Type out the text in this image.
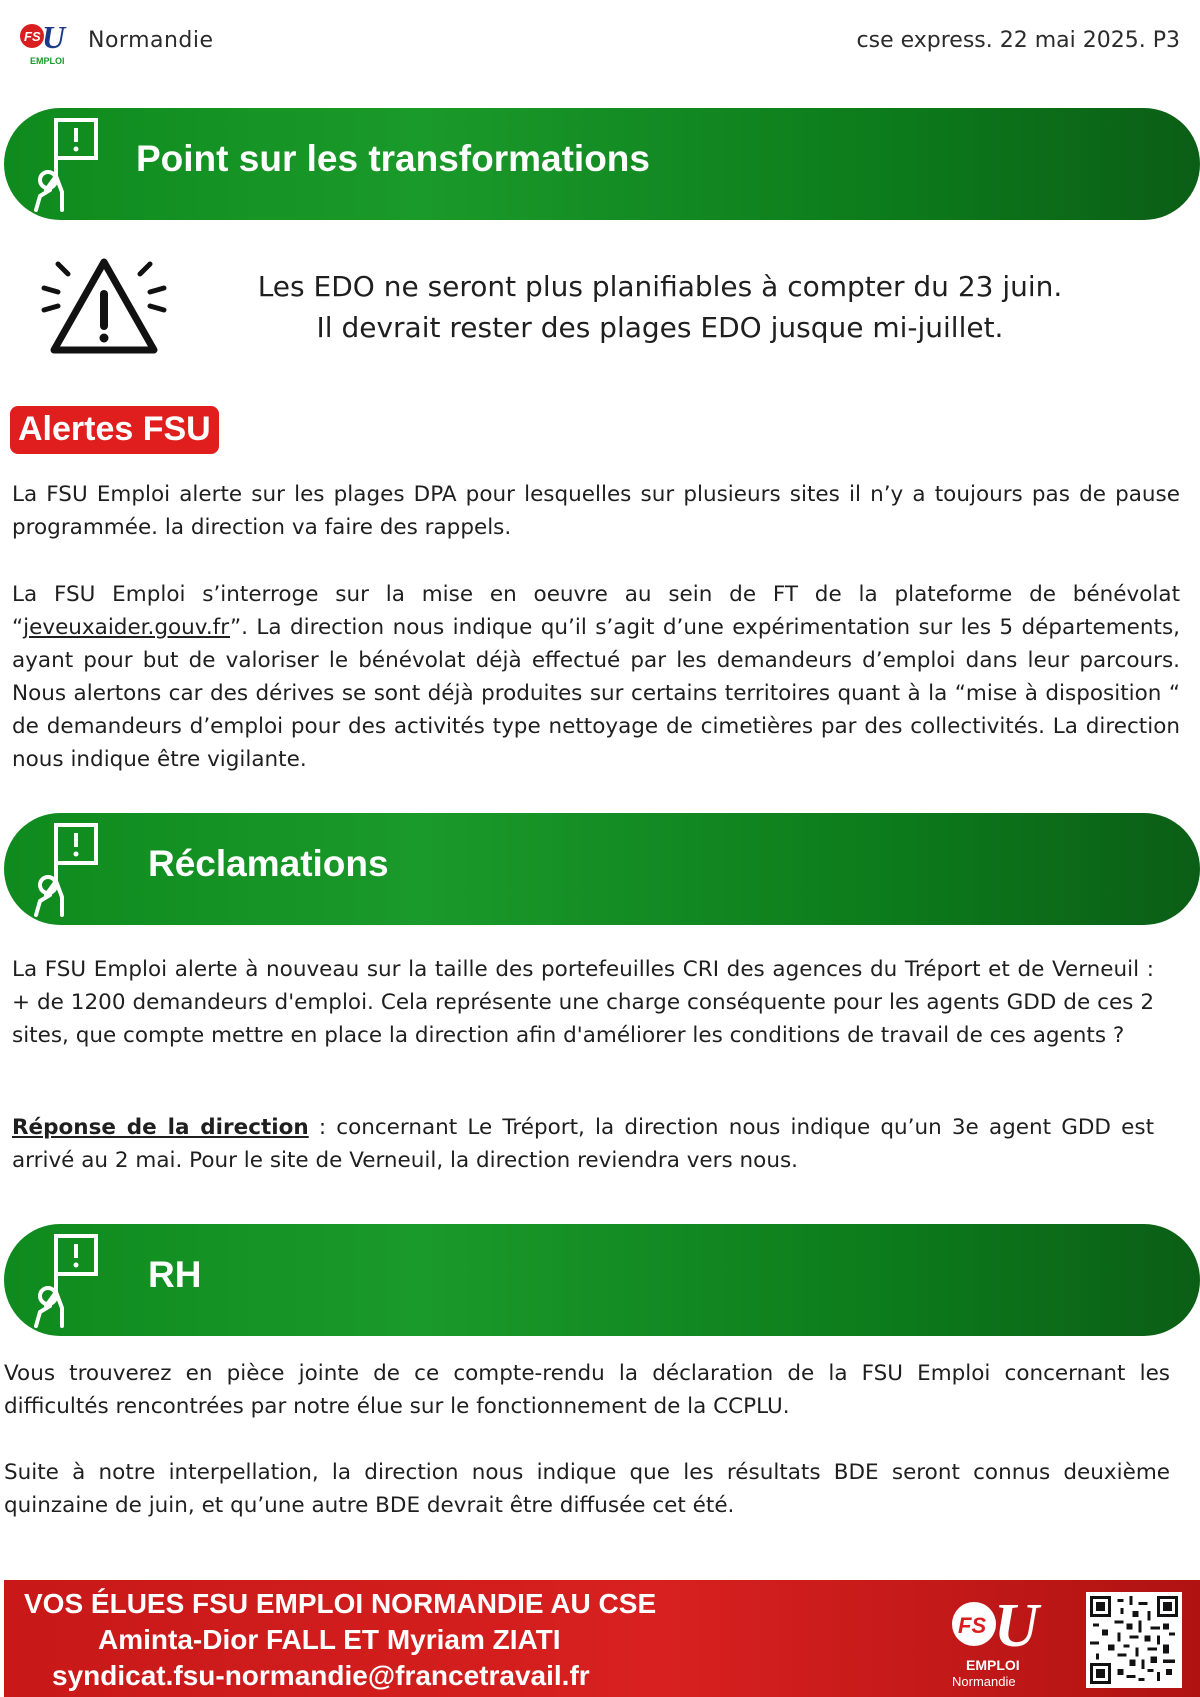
FS U
EMPLOI
Normandie	cse express. 22 mai 2025. P3
Point sur les transformations
Les EDO ne seront plus planifiables à compter du 23 juin.
Il devrait rester des plages EDO jusque mi-juillet.
Alertes FSU
La FSU Emploi alerte sur les plages DPA pour lesquelles sur plusieurs sites il n’y a toujours pas de pause programmée. la direction va faire des rappels.
La FSU Emploi s’interroge sur la mise en oeuvre au sein de FT de la plateforme de bénévolat “jeveuxaider.gouv.fr”. La direction nous indique qu’il s’agit d’une expérimentation sur les 5 départements, ayant pour but de valoriser le bénévolat déjà effectué par les demandeurs d’emploi dans leur parcours. Nous alertons car des dérives se sont déjà produites sur certains territoires quant à la “mise à disposition “ de demandeurs d’emploi pour des activités type nettoyage de cimetières par des collectivités. La direction nous indique être vigilante.
Réclamations
La FSU Emploi alerte à nouveau sur la taille des portefeuilles CRI des agences du Tréport et de Verneuil : + de 1200 demandeurs d'emploi. Cela représente une charge conséquente pour les agents GDD de ces 2 sites, que compte mettre en place la direction afin d'améliorer les conditions de travail de ces agents ?
Réponse de la direction : concernant Le Tréport, la direction nous indique qu’un 3e agent GDD est arrivé au 2 mai. Pour le site de Verneuil, la direction reviendra vers nous.
RH
Vous trouverez en pièce jointe de ce compte-rendu la déclaration de la FSU Emploi concernant les difficultés rencontrées par notre élue sur le fonctionnement de la CCPLU.
Suite à notre interpellation, la direction nous indique que les résultats BDE seront connus deuxième quinzaine de juin, et qu’une autre BDE devrait être diffusée cet été.
VOS ÉLUES FSU EMPLOI NORMANDIE AU CSE
Aminta-Dior FALL ET Myriam ZIATI
syndicat.fsu-normandie@francetravail.fr
FS U
EMPLOI
Normandie
